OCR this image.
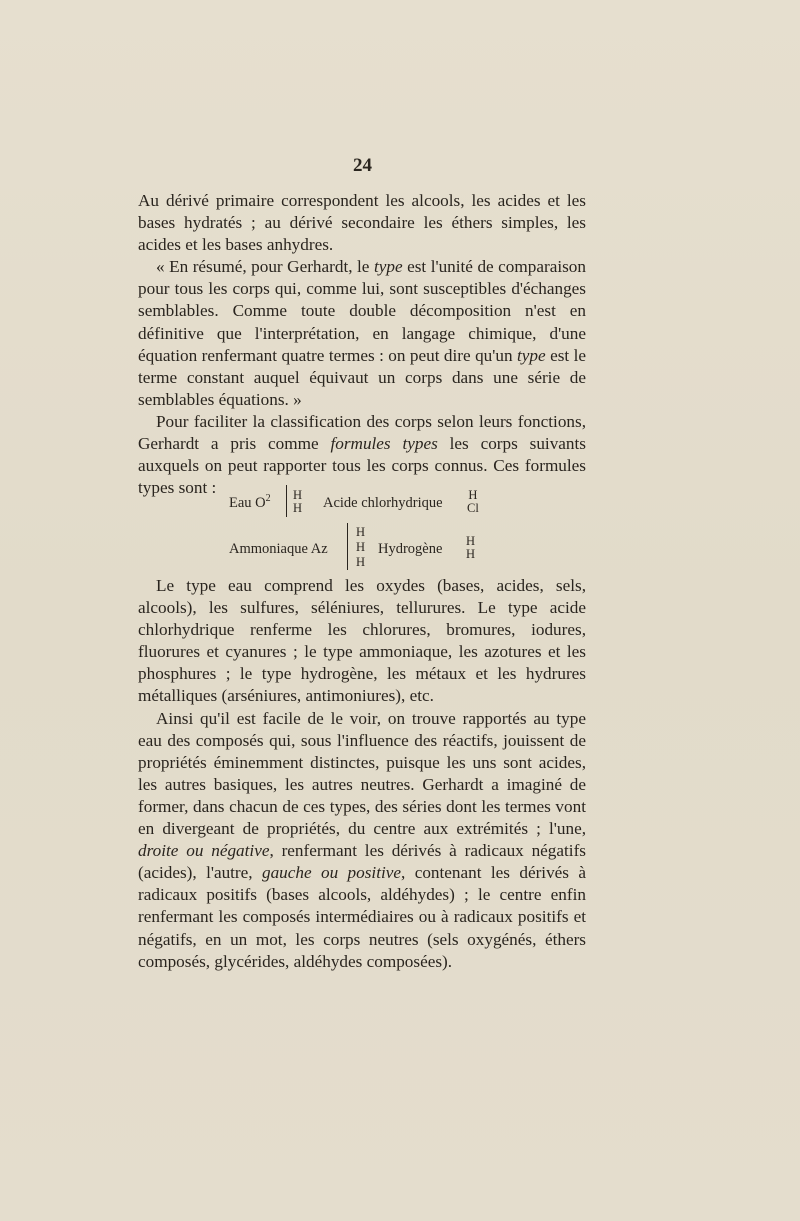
24

Au dérivé primaire correspondent les alcools, les acides et les bases hydratés ; au dérivé secondaire les éthers simples, les acides et les bases anhydres.

« En résumé, pour Gerhardt, le type est l'unité de comparaison pour tous les corps qui, comme lui, sont susceptibles d'échanges semblables. Comme toute double décomposition n'est en définitive que l'interprétation, en langage chimique, d'une équation renfermant quatre termes : on peut dire qu'un type est le terme constant auquel équivaut un corps dans une série de semblables équations. »

Pour faciliter la classification des corps selon leurs fonctions, Gerhardt a pris comme formules types les corps suivants auxquels on peut rapporter tous les corps connus. Ces formules types sont :

Eau $O^2$ H
H Acide chlorhydrique H
Cl
Ammoniaque Az
H
H
H
Hydrogène H
H

Le type eau comprend les oxydes (bases, acides, sels, alcools), les sulfures, séléniures, tellurures. Le type acide chlorhydrique renferme les chlorures, bromures, iodures, fluorures et cyanures ; le type ammoniaque, les azotures et les phosphures ; le type hydrogène, les métaux et les hydrures métalliques (arséniures, antimoniures), etc.

Ainsi qu'il est facile de le voir, on trouve rapportés au type eau des composés qui, sous l'influence des réactifs, jouissent de propriétés éminemment distinctes, puisque les uns sont acides, les autres basiques, les autres neutres. Gerhardt a imaginé de former, dans chacun de ces types, des séries dont les termes vont en divergeant de propriétés, du centre aux extrémités ; l'une, droite ou négative, renfermant les dérivés à radicaux négatifs (acides), l'autre, gauche ou positive, contenant les dérivés à radicaux positifs (bases alcools, aldéhydes) ; le centre enfin renfermant les composés intermédiaires ou à radicaux positifs et négatifs, en un mot, les corps neutres (sels oxygénés, éthers composés, glycérides, aldéhydes composées).
